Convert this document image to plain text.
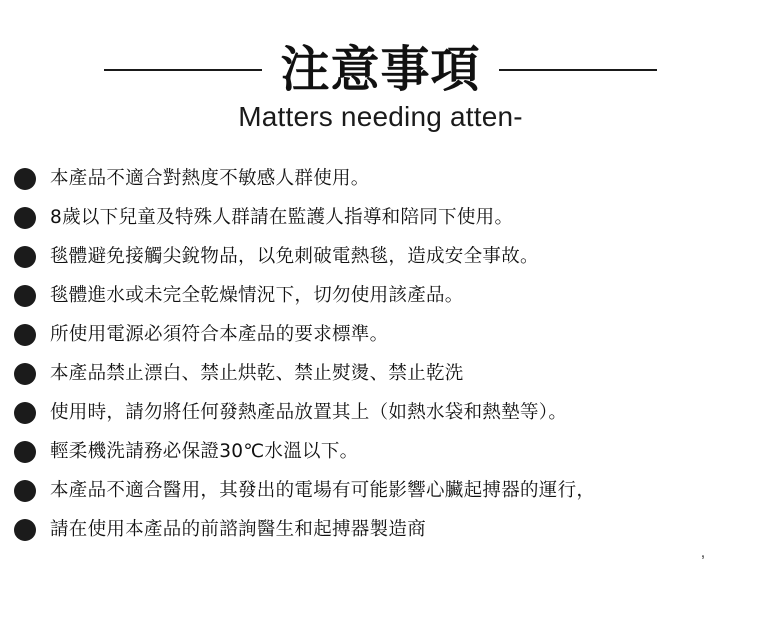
注意事項
Matters needing atten-
本產品不適合對熱度不敏感人群使用。
8歲以下兒童及特殊人群請在監護人指導和陪同下使用。
毯體避免接觸尖銳物品，以免刺破電熱毯，造成安全事故。
毯體進水或未完全乾燥情況下，切勿使用該產品。
所使用電源必須符合本產品的要求標準。
本產品禁止漂白、禁止烘乾、禁止熨燙、禁止乾洗
使用時，請勿將任何發熱產品放置其上（如熱水袋和熱墊等）。
輕柔機洗請務必保證30℃水溫以下。
本產品不適合醫用，其發出的電場有可能影響心臟起搏器的運行，
請在使用本產品的前諮詢醫生和起搏器製造商
,
